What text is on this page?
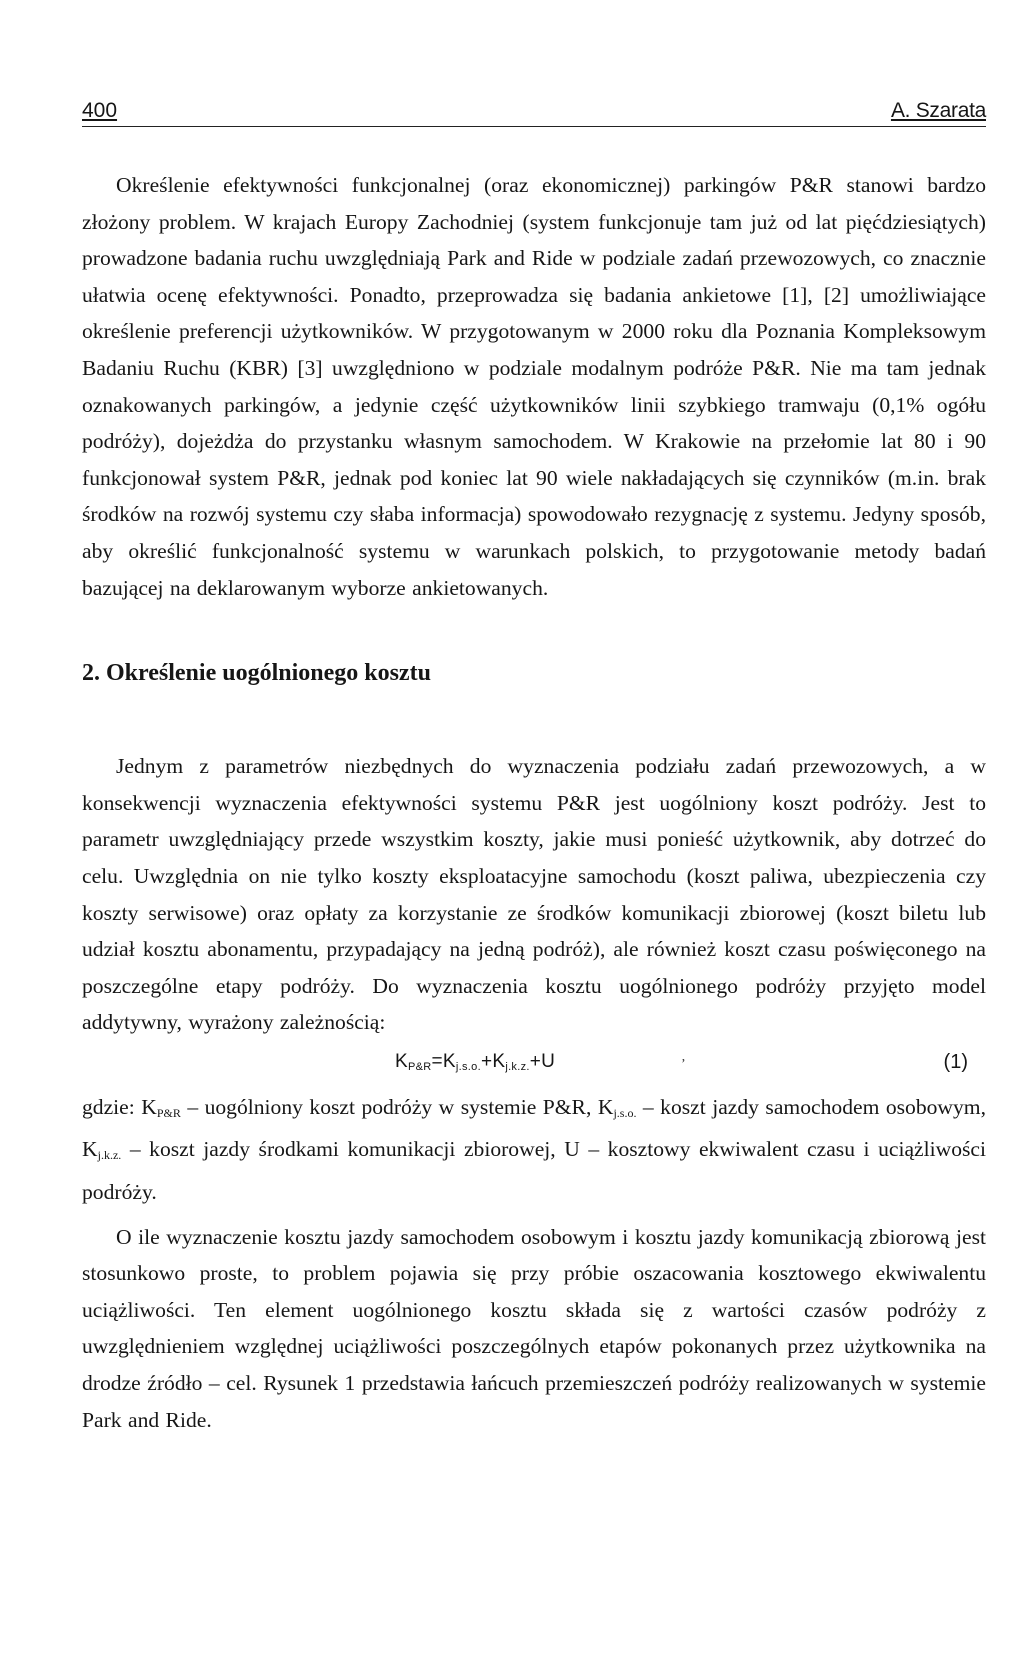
400	A. Szarata

Określenie efektywności funkcjonalnej (oraz ekonomicznej) parkingów P&R stanowi bardzo złożony problem. W krajach Europy Zachodniej (system funkcjonuje tam już od lat pięćdziesiątych) prowadzone badania ruchu uwzględniają Park and Ride w podziale zadań przewozowych, co znacznie ułatwia ocenę efektywności. Ponadto, przeprowadza się badania ankietowe [1], [2] umożliwiające określenie preferencji użytkowników. W przygotowanym w 2000 roku dla Poznania Kompleksowym Badaniu Ruchu (KBR) [3] uwzględniono w podziale modalnym podróże P&R. Nie ma tam jednak oznakowanych parkingów, a jedynie część użytkowników linii szybkiego tramwaju (0,1% ogółu podróży), dojeżdża do przystanku własnym samochodem. W Krakowie na przełomie lat 80 i 90 funkcjonował system P&R, jednak pod koniec lat 90 wiele nakładających się czynników (m.in. brak środków na rozwój systemu czy słaba informacja) spowodowało rezygnację z systemu. Jedyny sposób, aby określić funkcjonalność systemu w warunkach polskich, to przygotowanie metody badań bazującej na deklarowanym wyborze ankietowanych.

2. Określenie uogólnionego kosztu

Jednym z parametrów niezbędnych do wyznaczenia podziału zadań przewozowych, a w konsekwencji wyznaczenia efektywności systemu P&R jest uogólniony koszt podróży. Jest to parametr uwzględniający przede wszystkim koszty, jakie musi ponieść użytkownik, aby dotrzeć do celu. Uwzględnia on nie tylko koszty eksploatacyjne samochodu (koszt paliwa, ubezpieczenia czy koszty serwisowe) oraz opłaty za korzystanie ze środków komunikacji zbiorowej (koszt biletu lub udział kosztu abonamentu, przypadający na jedną podróż), ale również koszt czasu poświęconego na poszczególne etapy podróży. Do wyznaczenia kosztu uogólnionego podróży przyjęto model addytywny, wyrażony zależnością:

$K_{P\&R}=K_{j.s.o.}+K_{j.k.z.}+U$	ʼ	(1)

gdzie: $K_{P\&R}$ – uogólniony koszt podróży w systemie P&R, $K_{j.s.o.}$ – koszt jazdy samochodem osobowym, $K_{j.k.z.}$ – koszt jazdy środkami komunikacji zbiorowej, U – kosztowy ekwiwalent czasu i uciążliwości podróży.

O ile wyznaczenie kosztu jazdy samochodem osobowym i kosztu jazdy komunikacją zbiorową jest stosunkowo proste, to problem pojawia się przy próbie oszacowania kosztowego ekwiwalentu uciążliwości. Ten element uogólnionego kosztu składa się z wartości czasów podróży z uwzględnieniem względnej uciążliwości poszczególnych etapów pokonanych przez użytkownika na drodze źródło – cel. Rysunek 1 przedstawia łańcuch przemieszczeń podróży realizowanych w systemie Park and Ride.
